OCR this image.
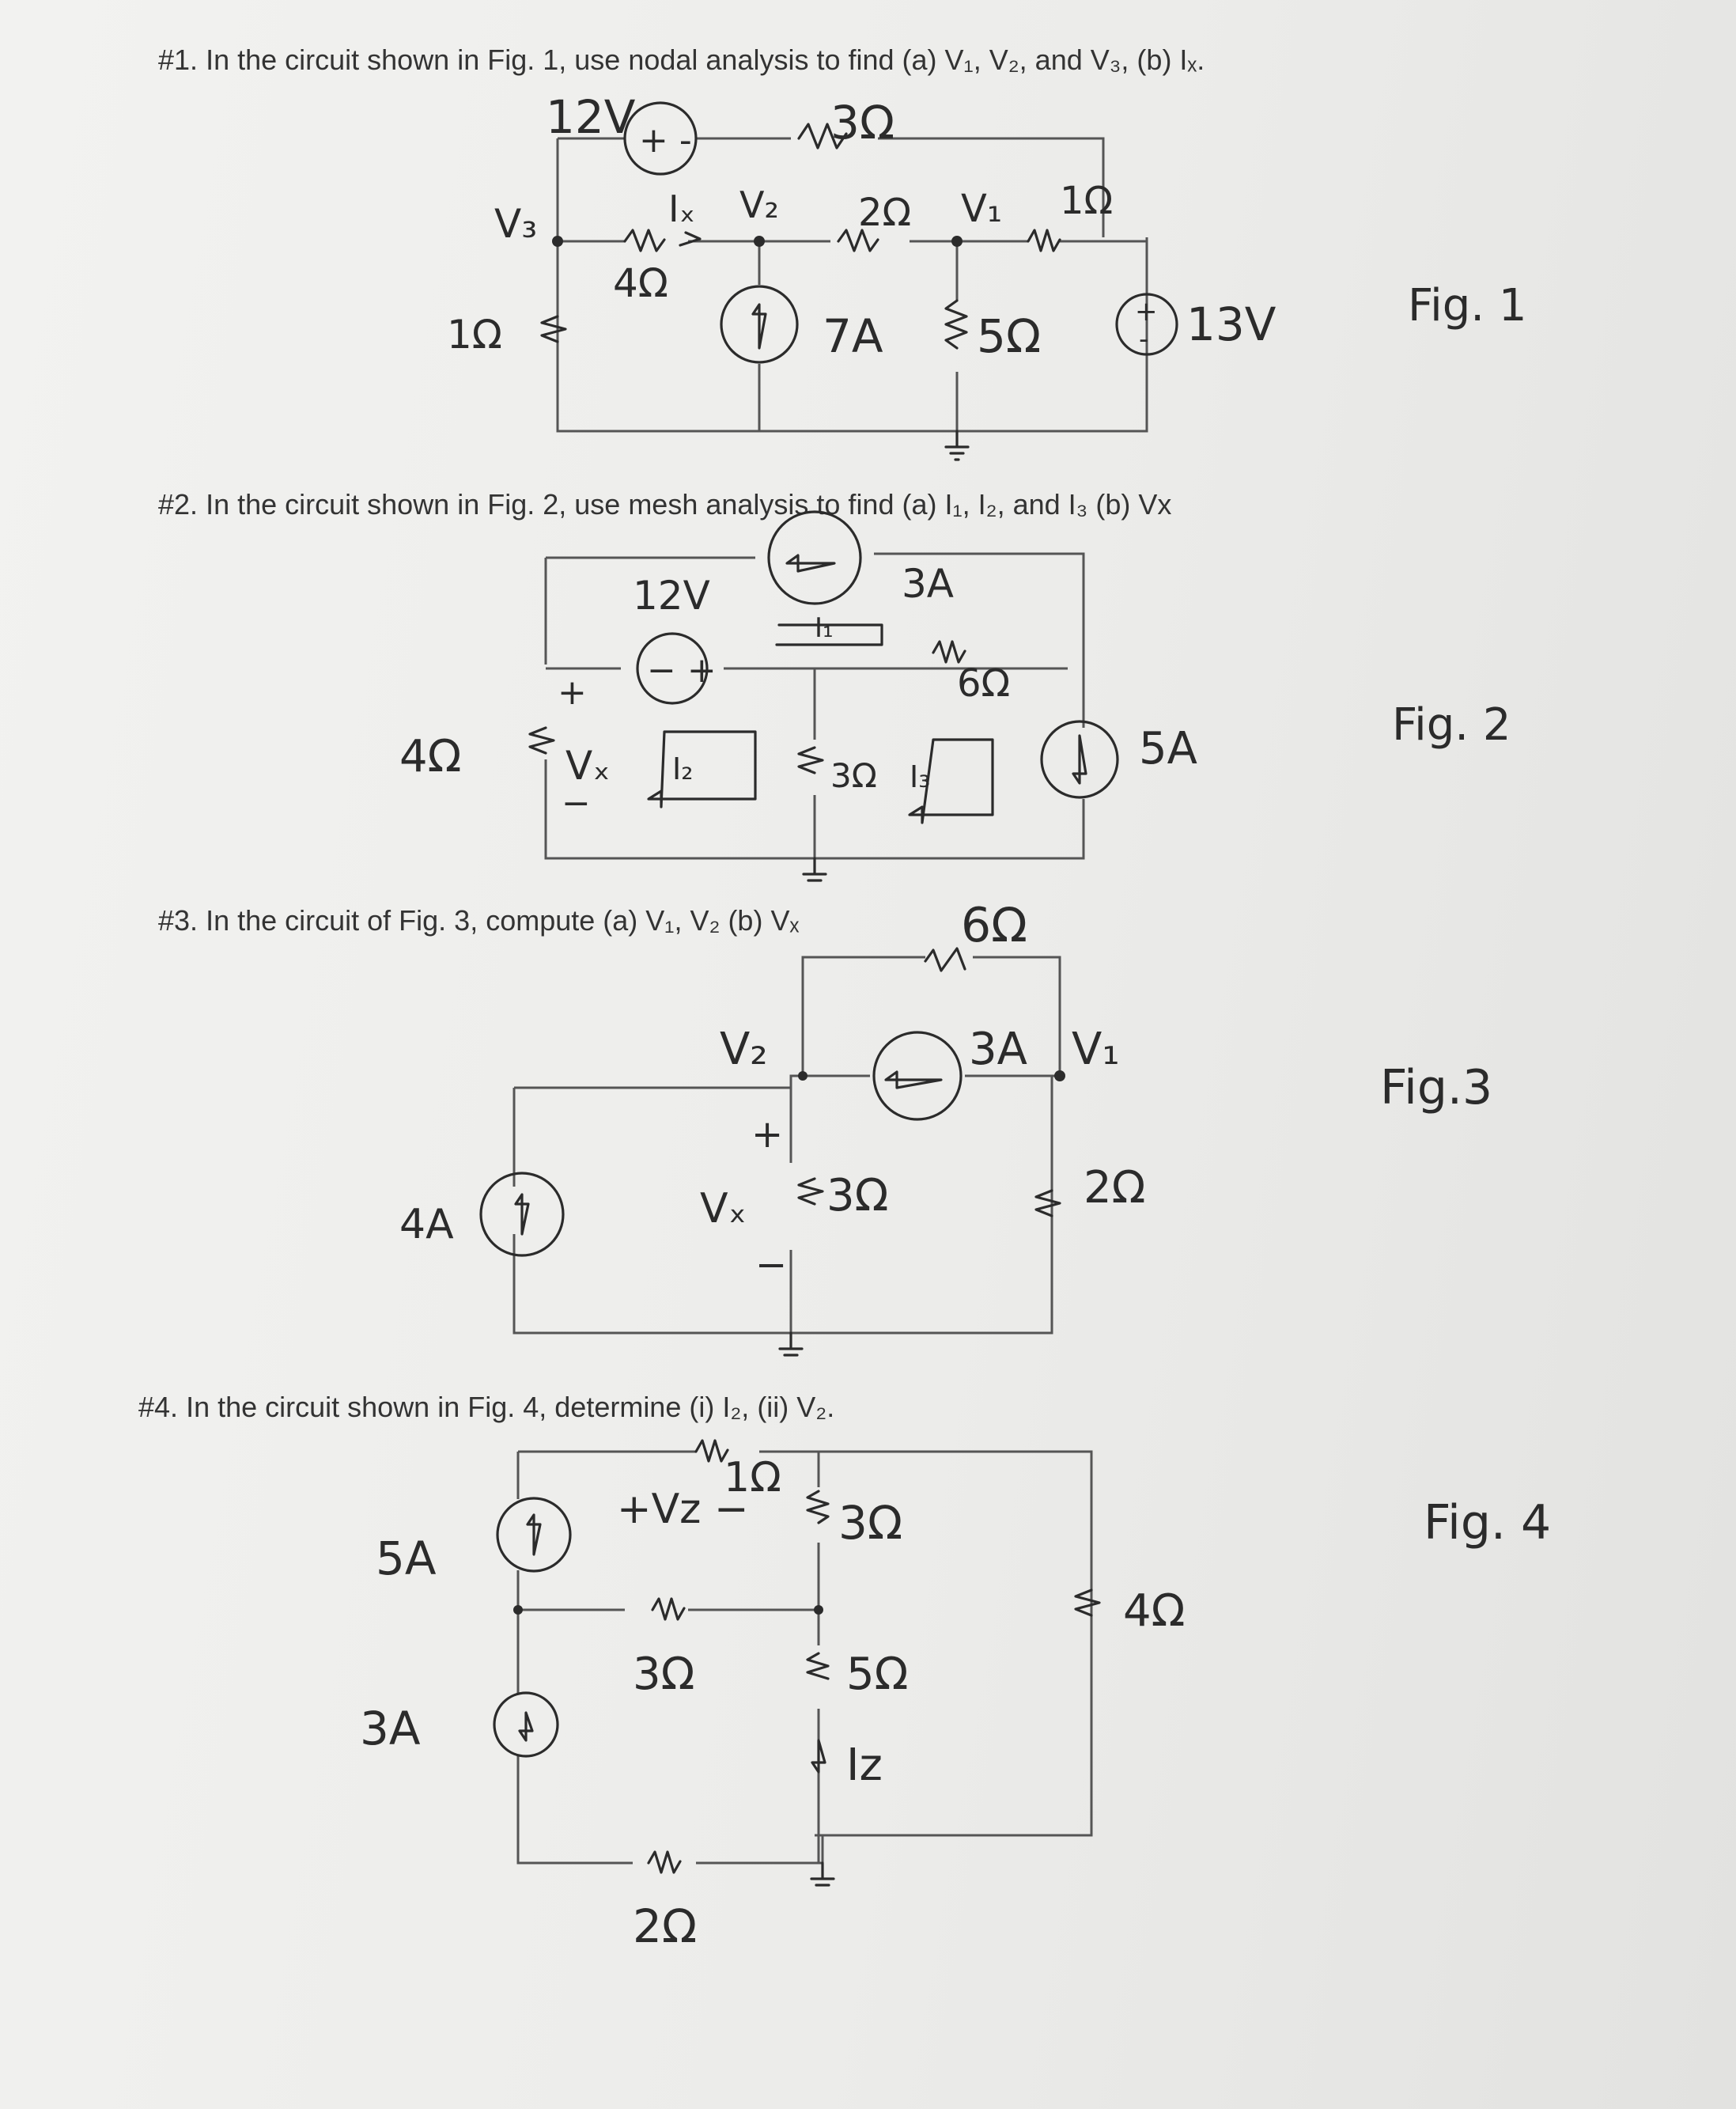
#1. In the circuit shown in Fig. 1, use nodal analysis to find (a) V₁, V₂, and V₃, (b) Iₓ.
#2. In the circuit shown in Fig. 2, use mesh analysis to find (a) I₁, I₂, and I₃ (b) Vx
#3. In the circuit of Fig. 3, compute (a) V₁, V₂ (b) Vₓ
#4. In the circuit shown in Fig. 4, determine (i) I₂, (ii) V₂.
+ -
+
-
12V	3Ω
V₃	Iₓ V₂ 2Ω V₁ 1Ω
4Ω
1Ω	7A 5Ω	13V	Fig. 1
− +
3A
12V
I₁
6Ω
+
4Ω	Vₓ
−
I₂	3Ω I₃
5A	Fig. 2
6Ω
V₂	3A V₁
4A
+
Vₓ
−
3Ω	2Ω
Fig.3
1Ω
+Vz − 3Ω
5A
4Ω
3A
3Ω	5Ω
Iz
2Ω
Fig. 4
